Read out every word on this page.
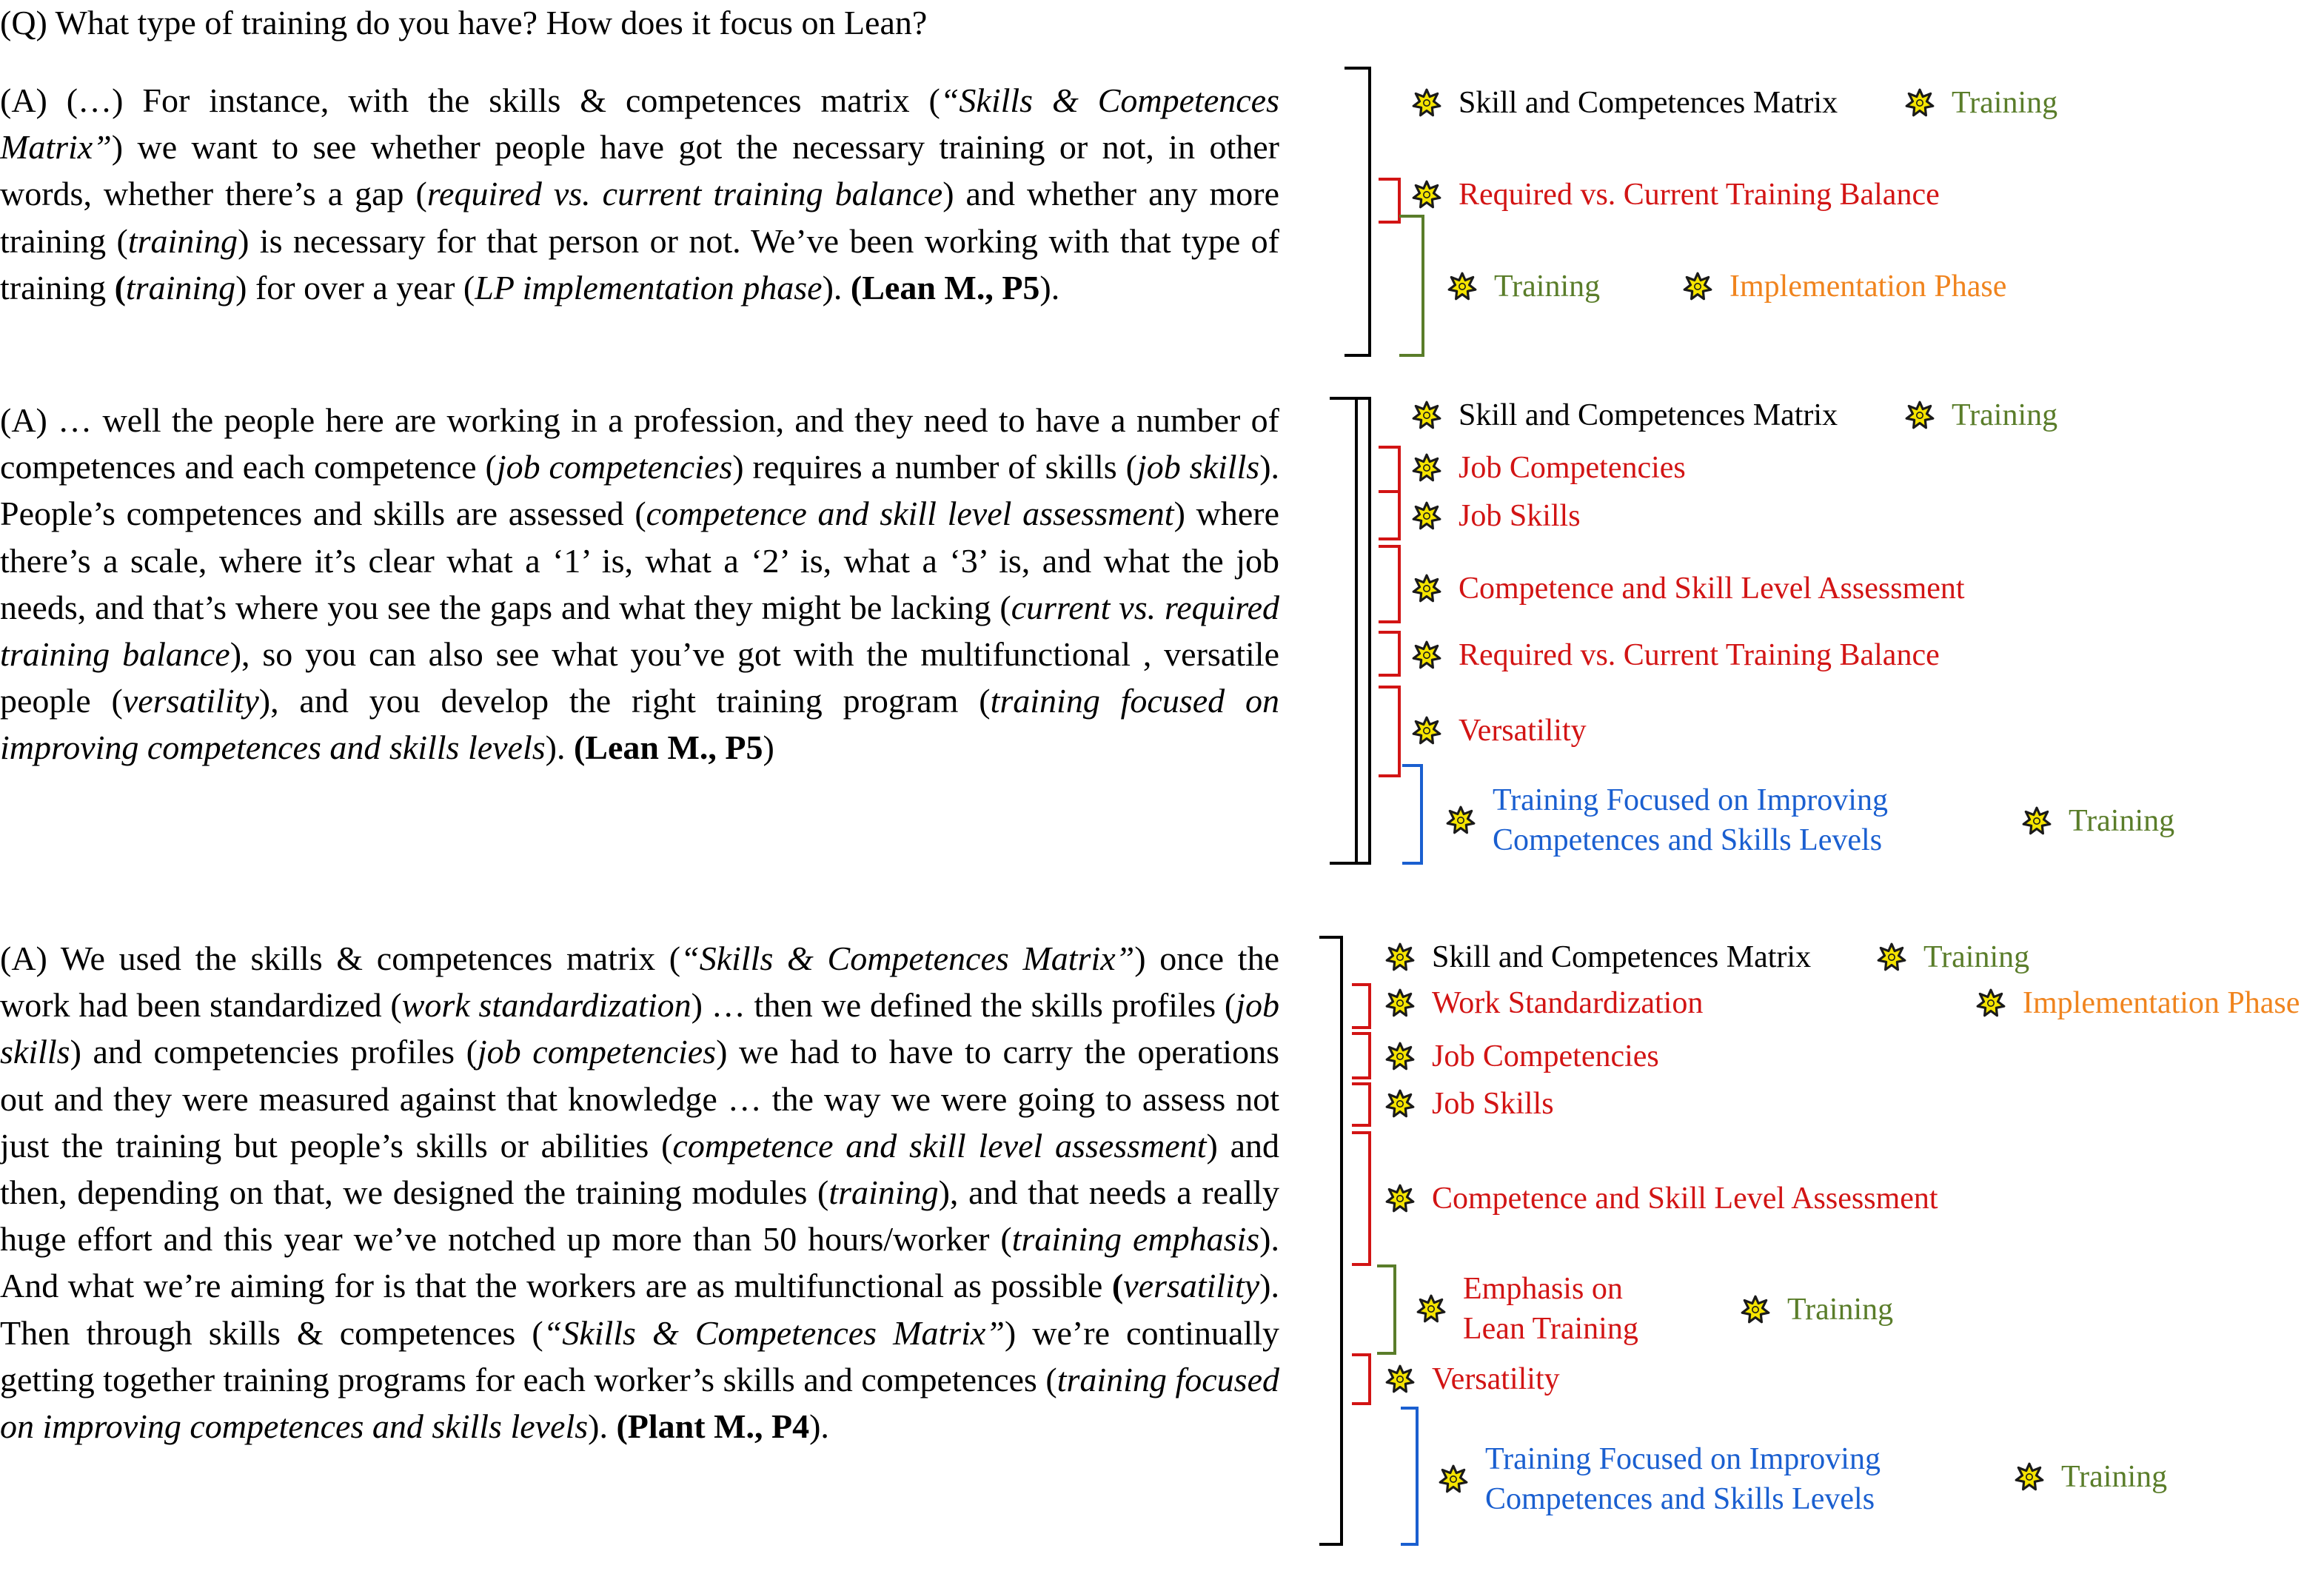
(Q) What type of training do you have? How does it focus on Lean?
(A) (…) For instance, with the skills & competences matrix (“Skills & Competences Matrix”) we want to see whether people have got the necessary training or not, in other words, whether there’s a gap (required vs. current training balance) and whether any more training (training) is necessary for that person or not. We’ve been working with that type of training (training) for over a year (LP implementation phase). (Lean M., P5).
(A) … well the people here are working in a profession, and they need to have a number of competences and each competence (job competencies) requires a number of skills (job skills). People’s competences and skills are assessed (competence and skill level assessment) where there’s a scale, where it’s clear what a ‘1’ is, what a ‘2’ is, what a ‘3’ is, and what the job needs, and that’s where you see the gaps and what they might be lacking (current vs. required training balance), so you can also see what you’ve got with the multifunctional , versatile people (versatility), and you develop the right training program (training focused on improving competences and skills levels). (Lean M., P5)
(A) We used the skills & competences matrix (“Skills & Competences Matrix”) once the work had been standardized (work standardization) … then we defined the skills profiles (job skills) and competencies profiles (job competencies) we had to have to carry the operations out and they were measured against that knowledge … the way we were going to assess not just the training but people’s skills or abilities (competence and skill level assessment) and then, depending on that, we designed the training modules (training), and that needs a really huge effort and this year we’ve notched up more than 50 hours/worker (training emphasis). And what we’re aiming for is that the workers are as multifunctional as possible (versatility). Then through skills & competences (“Skills & Competences Matrix”) we’re continually getting together training programs for each worker’s skills and competences (training focused on improving competences and skills levels). (Plant M., P4).
Skill and Competences Matrix	Training
Required vs. Current Training Balance
Training	Implementation Phase
Skill and Competences Matrix	Training
Job Competencies
Job Skills
Competence and Skill Level Assessment
Required vs. Current Training Balance
Versatility
Training Focused on Improving
Competences and Skills Levels
Training
Skill and Competences Matrix	Training
Work Standardization	Implementation Phase
Job Competencies
Job Skills
Competence and Skill Level Assessment
Emphasis on
Lean Training
Training
Versatility
Training Focused on Improving
Competences and Skills Levels
Training
